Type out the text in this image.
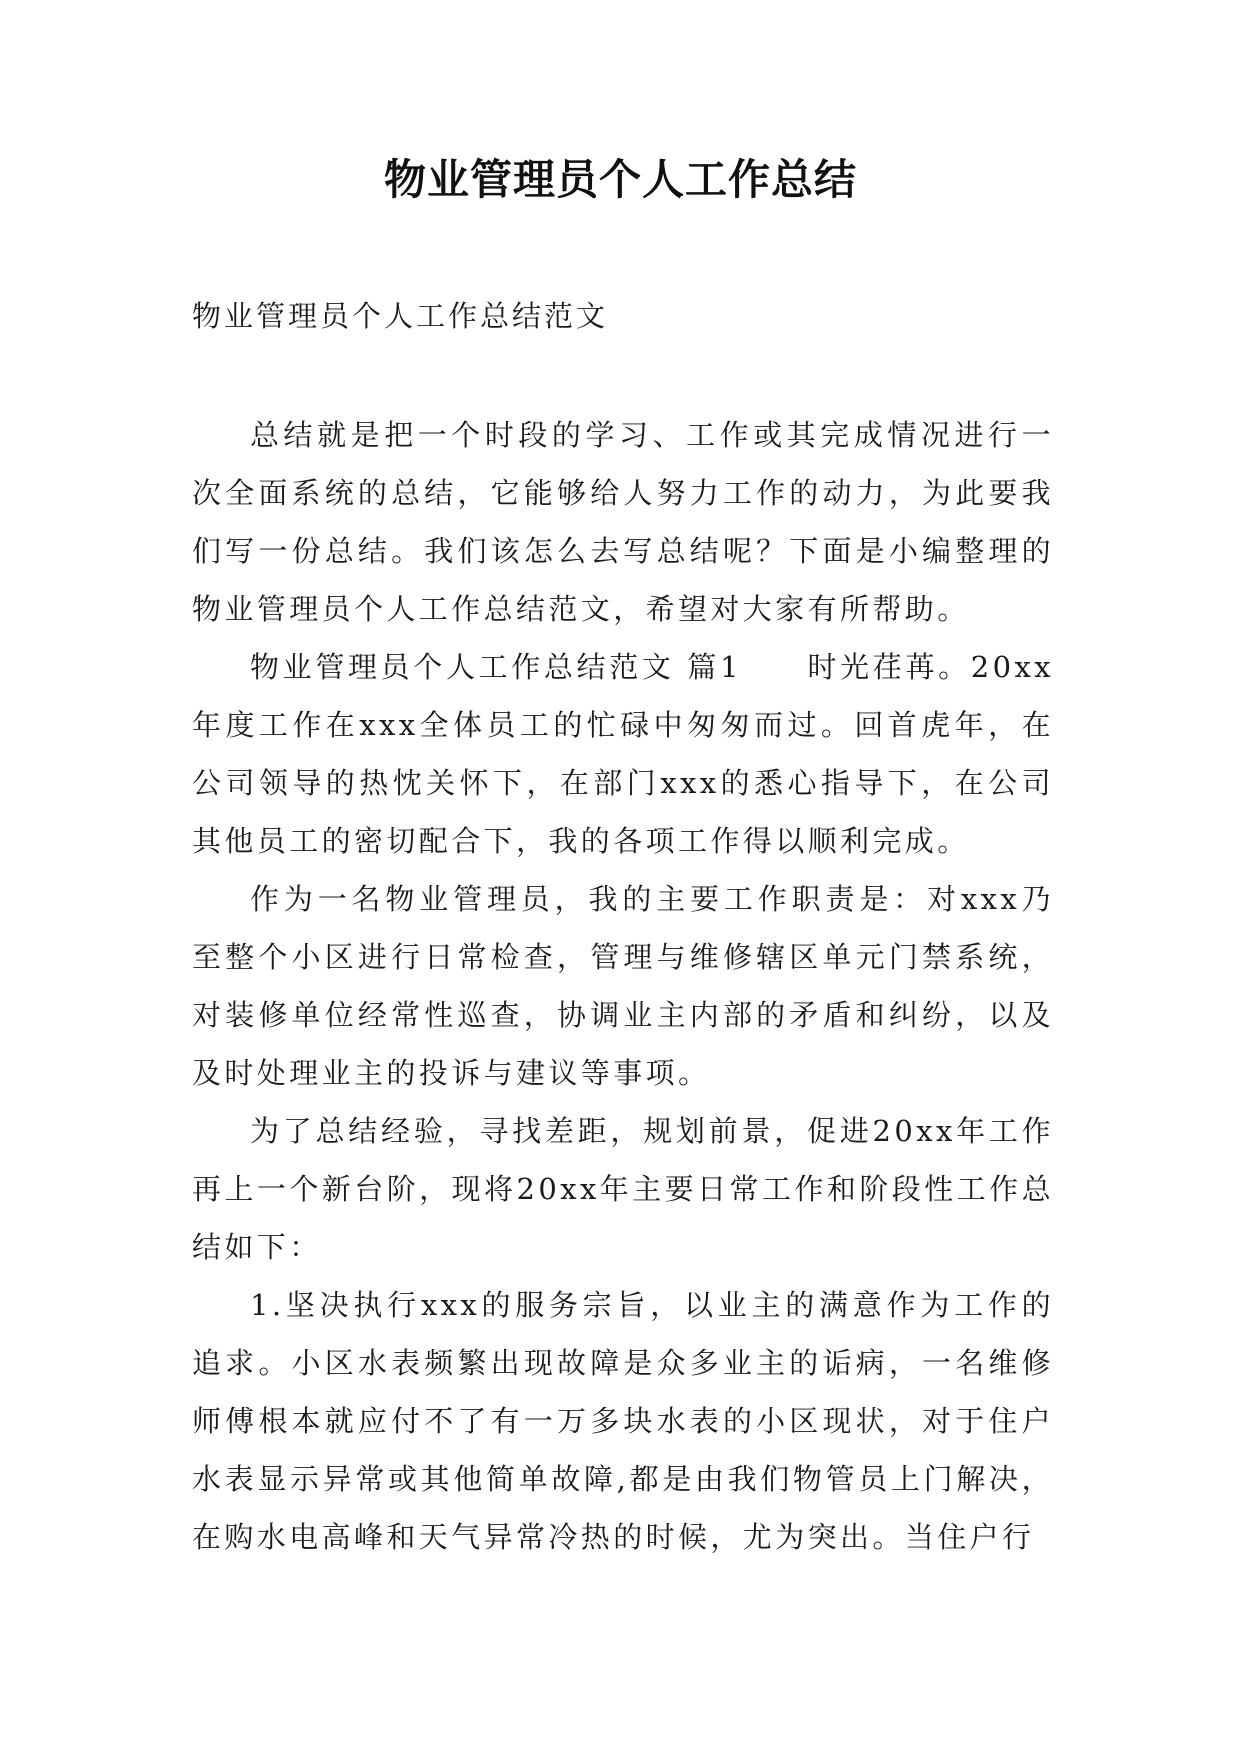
物业管理员个人工作总结
物业管理员个人工作总结范文

总结就是把一个时段的学习、工作或其完成情况进行一次全面系统的总结，它能够给人努力工作的动力，为此要我们写一份总结。我们该怎么去写总结呢？下面是小编整理的物业管理员个人工作总结范文，希望对大家有所帮助。

物业管理员个人工作总结范文 篇1　　时光荏苒。20xx年度工作在xxx全体员工的忙碌中匆匆而过。回首虎年，在公司领导的热忱关怀下，在部门xxx的悉心指导下，在公司其他员工的密切配合下，我的各项工作得以顺利完成。

作为一名物业管理员，我的主要工作职责是：对xxx乃至整个小区进行日常检查，管理与维修辖区单元门禁系统，对装修单位经常性巡查，协调业主内部的矛盾和纠纷，以及及时处理业主的投诉与建议等事项。

为了总结经验，寻找差距，规划前景，促进20xx年工作再上一个新台阶，现将20xx年主要日常工作和阶段性工作总结如下：

1.坚决执行xxx的服务宗旨，以业主的满意作为工作的追求。小区水表频繁出现故障是众多业主的诟病，一名维修师傅根本就应付不了有一万多块水表的小区现状，对于住户水表显示异常或其他简单故障,都是由我们物管员上门解决，在购水电高峰和天气异常冷热的时候，尤为突出。当住户行
